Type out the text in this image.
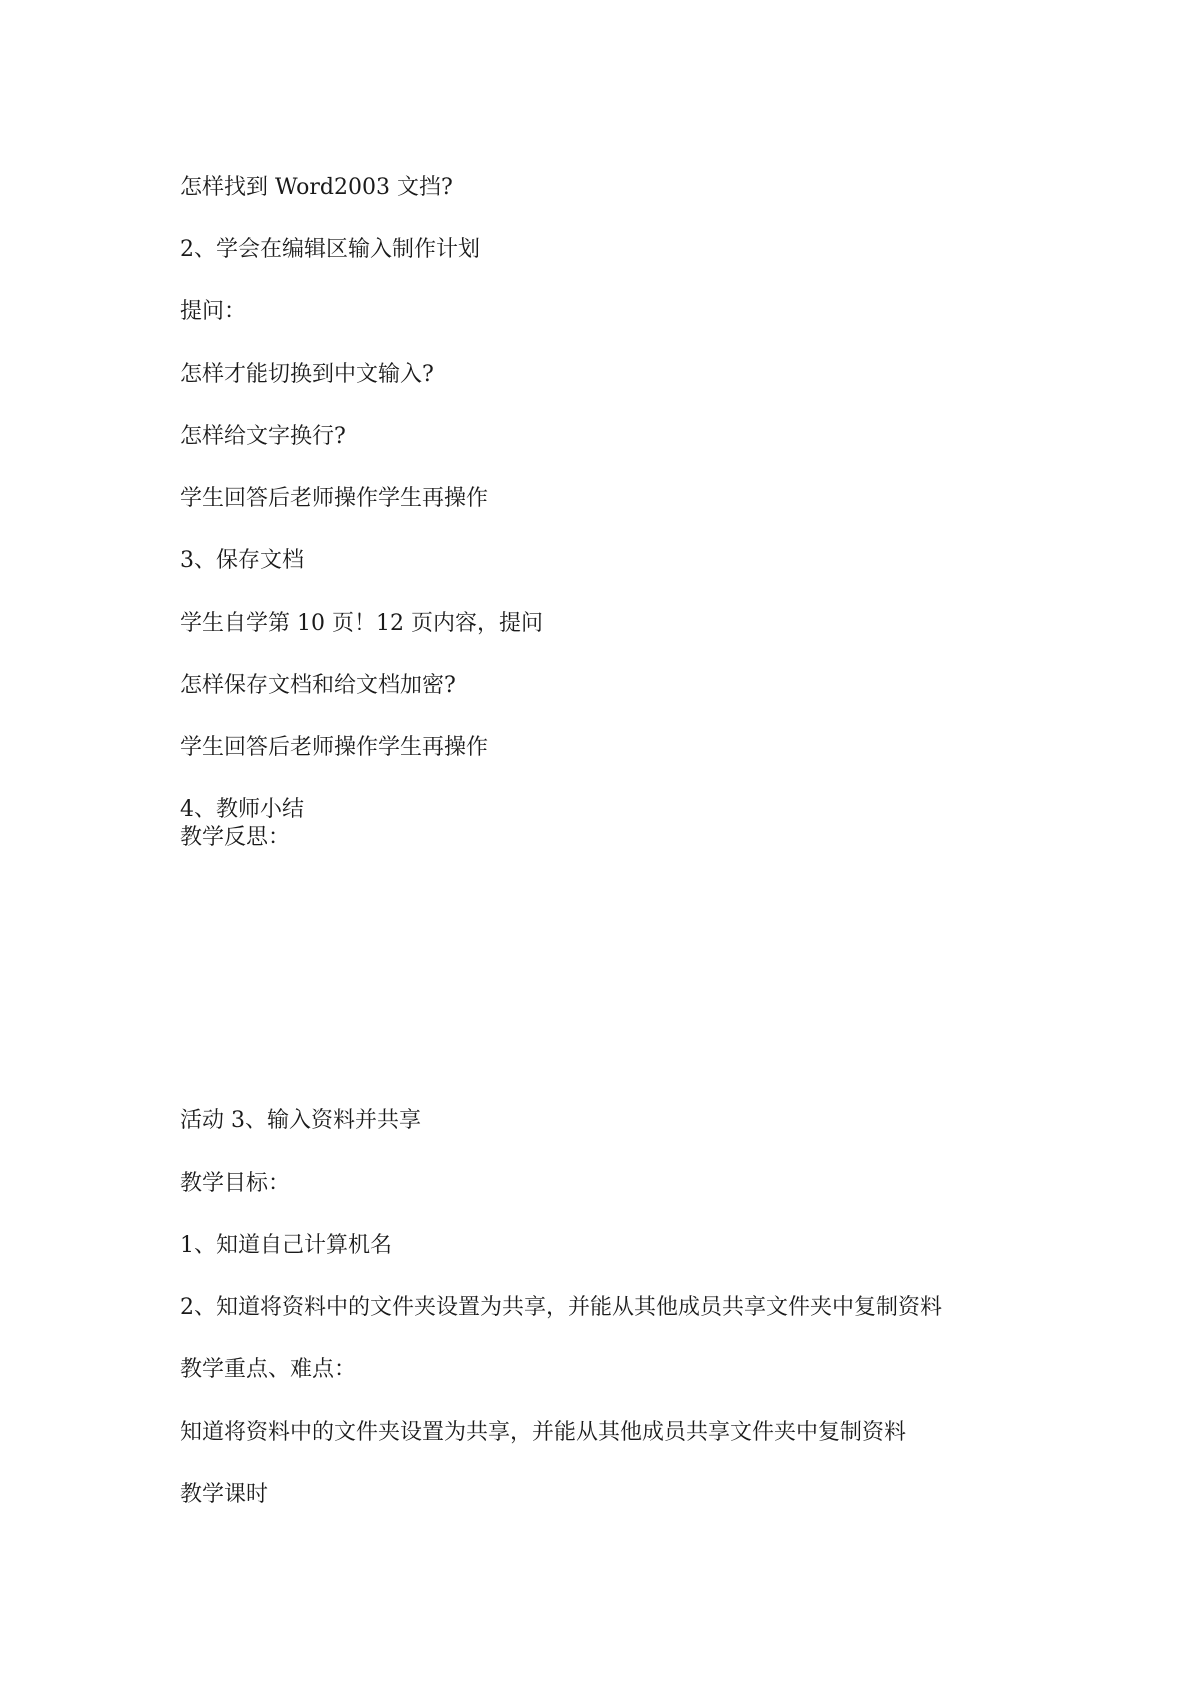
怎样找到 Word2003 文挡?

2、学会在编辑区输入制作计划

提问：

怎样才能切换到中文输入?

怎样给文字换行?

学生回答后老师操作学生再操作

3、保存文档

学生自学第 10 页！12 页内容，提问

怎样保存文档和给文档加密?

学生回答后老师操作学生再操作

4、教师小结

教学反思：

活动 3、输入资料并共享

教学目标：

1、知道自己计算机名

2、知道将资料中的文件夹设置为共享，并能从其他成员共享文件夹中复制资料

教学重点、难点：

知道将资料中的文件夹设置为共享，并能从其他成员共享文件夹中复制资料

教学课时
